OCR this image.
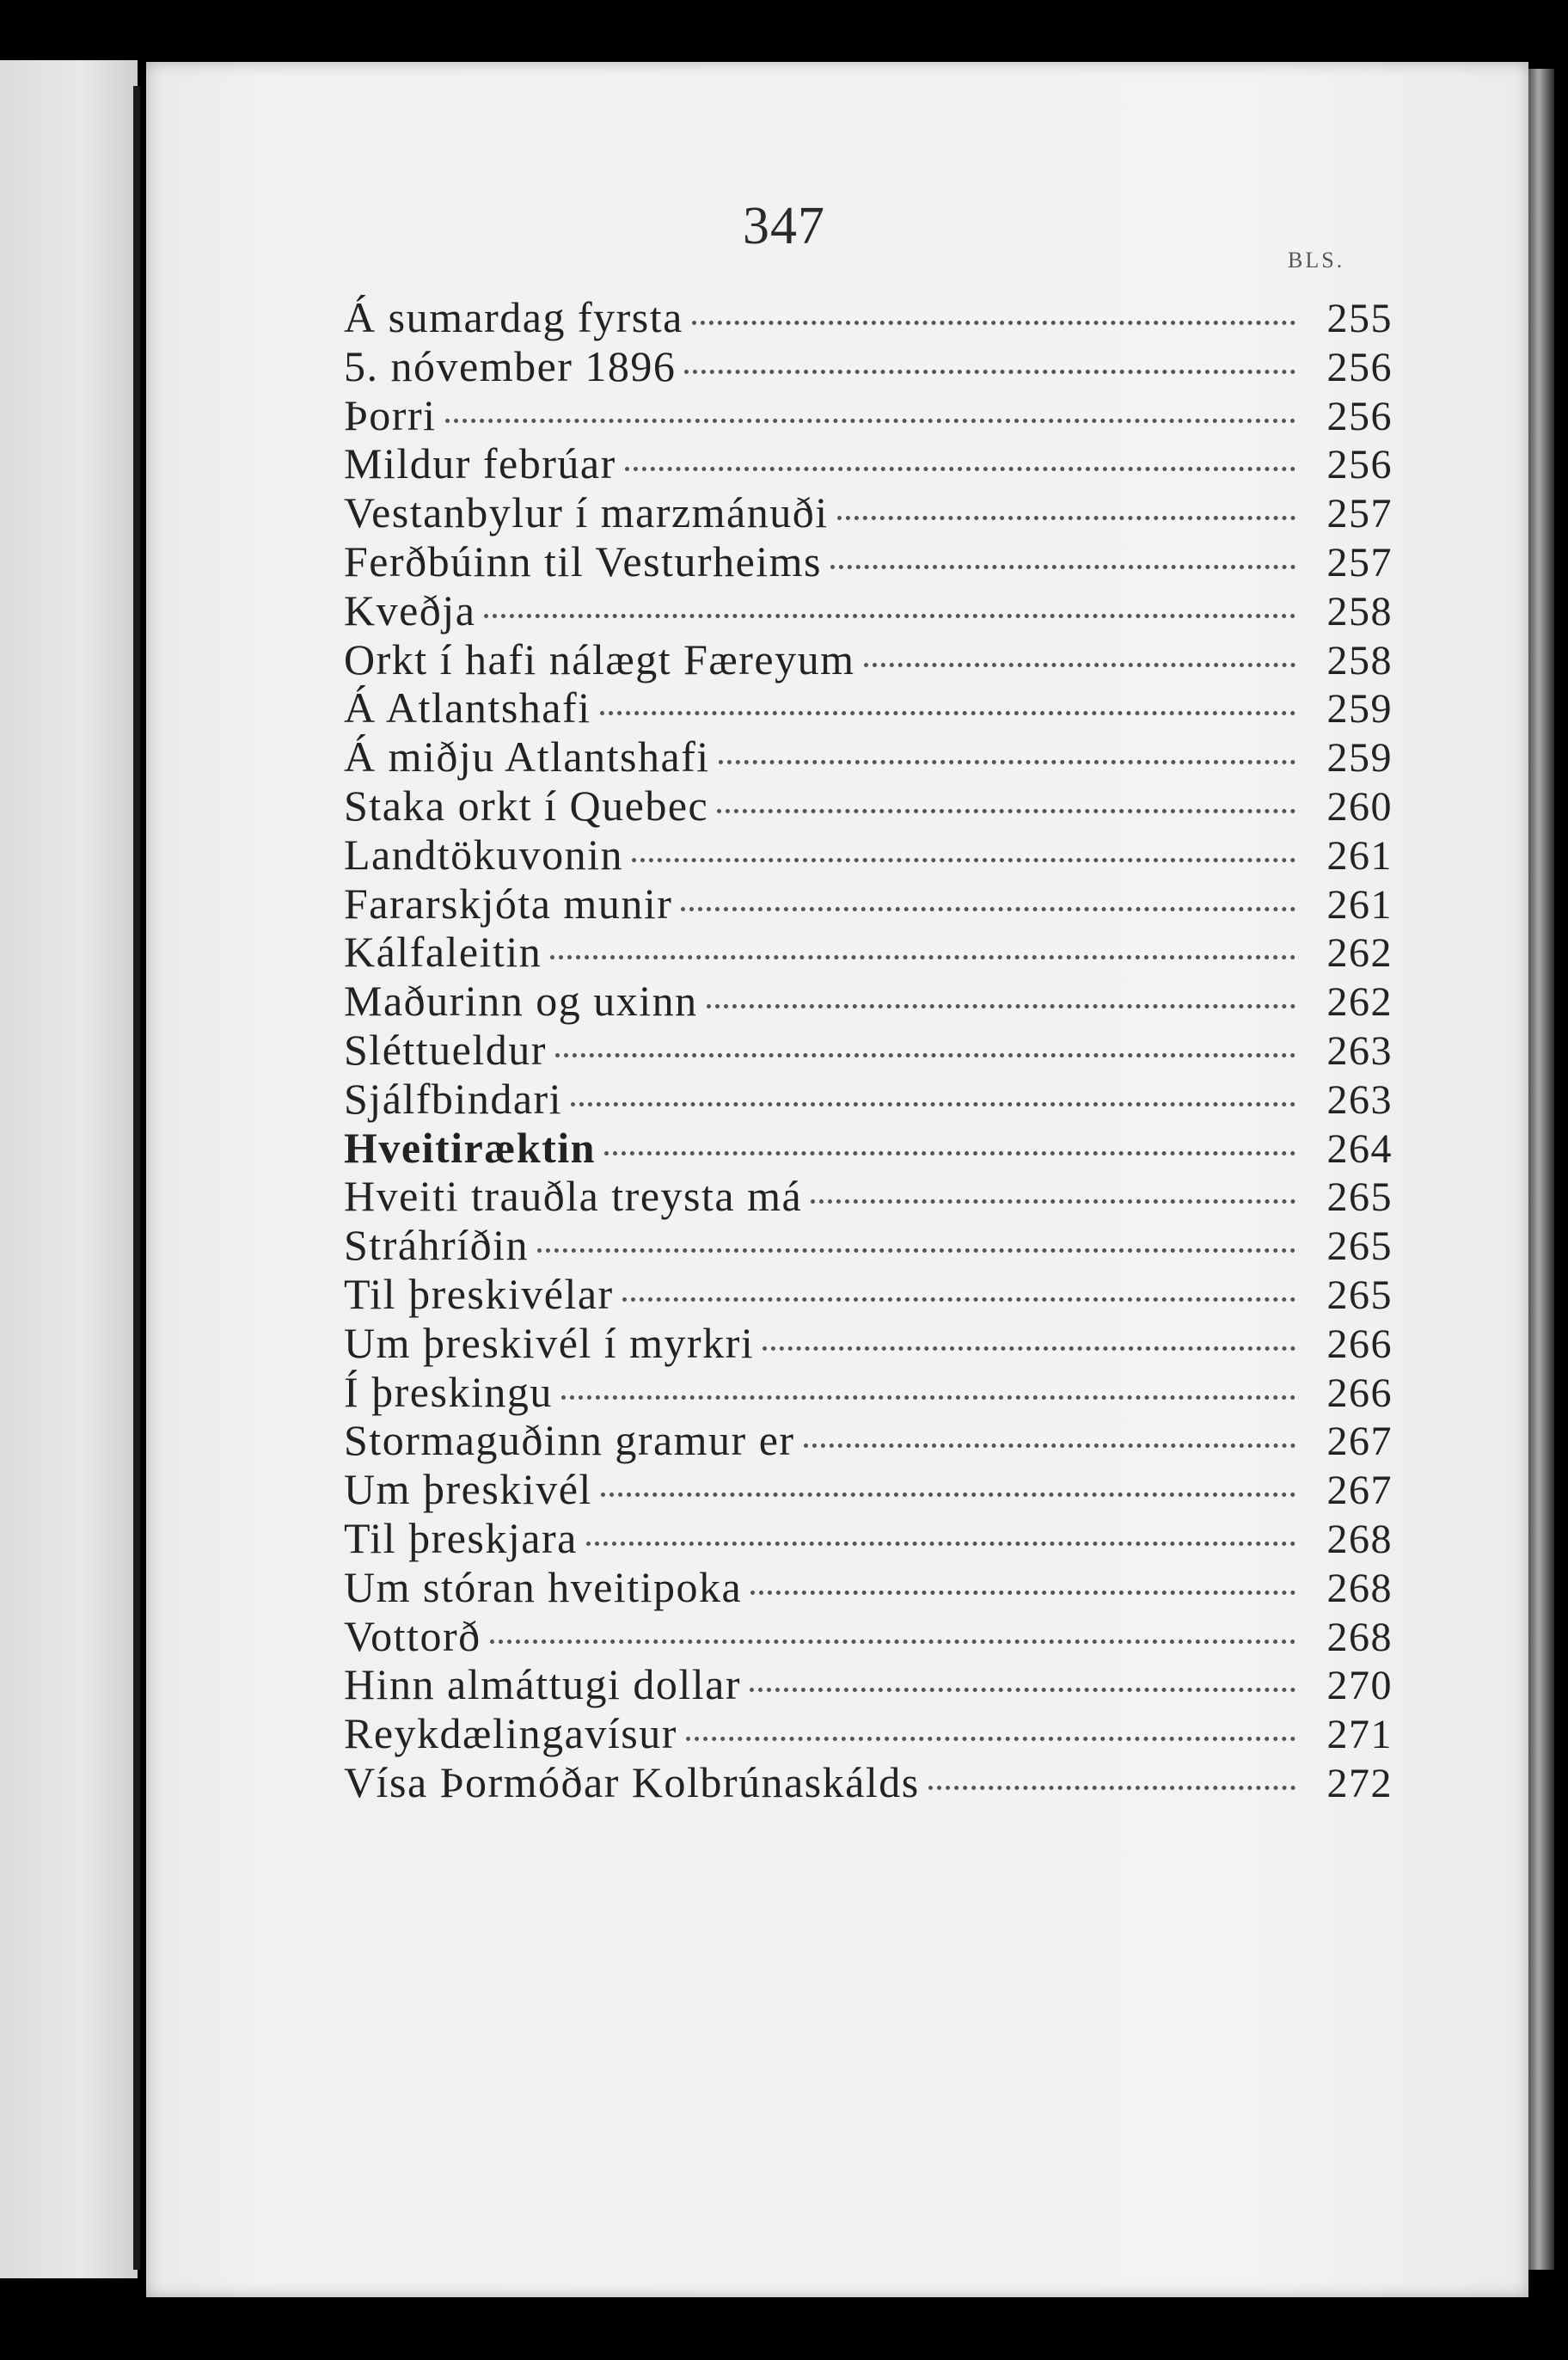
347
BLS.
Á sumardag fyrsta	255
5. nóvember 1896	256
Þorri	256
Mildur febrúar	256
Vestanbylur í marzmánuði	257
Ferðbúinn til Vesturheims	257
Kveðja	258
Orkt í hafi nálægt Færeyum	258
Á Atlantshafi	259
Á miðju Atlantshafi	259
Staka orkt í Quebec	260
Landtökuvonin	261
Fararskjóta munir	261
Kálfaleitin	262
Maðurinn og uxinn	262
Sléttueldur	263
Sjálfbindari	263
Hveitiræktin	264
Hveiti trauðla treysta má	265
Stráhríðin	265
Til þreskivélar	265
Um þreskivél í myrkri	266
Í þreskingu	266
Stormaguðinn gramur er	267
Um þreskivél	267
Til þreskjara	268
Um stóran hveitipoka	268
Vottorð	268
Hinn almáttugi dollar	270
Reykdælingavísur	271
Vísa Þormóðar Kolbrúnaskálds	272
